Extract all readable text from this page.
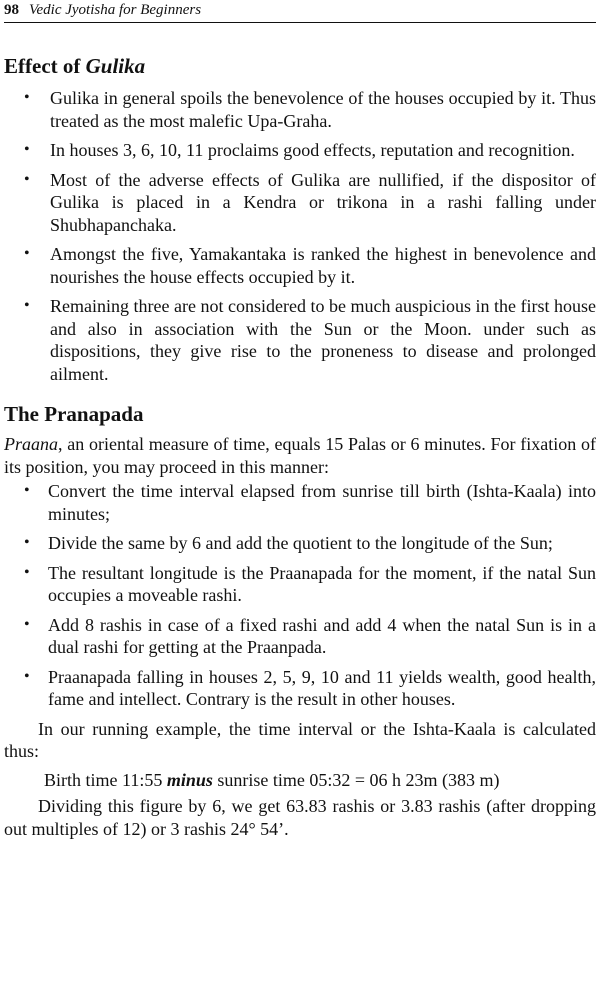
98 Vedic Jyotisha for Beginners
Effect of Gulika
• Gulika in general spoils the benevolence of the houses occupied by it. Thus treated as the most malefic Upa-Graha.
• In houses 3, 6, 10, 11 proclaims good effects, reputation and recognition.
• Most of the adverse effects of Gulika are nullified, if the dispositor of Gulika is placed in a Kendra or trikona in a rashi falling under Shubhapanchaka.
• Amongst the five, Yamakantaka is ranked the highest in benevolence and nourishes the house effects occupied by it.
• Remaining three are not considered to be much auspicious in the first house and also in association with the Sun or the Moon. under such as dispositions, they give rise to the proneness to disease and prolonged ailment.
The Pranapada

Praana, an oriental measure of time, equals 15 Palas or 6 minutes. For fixation of its position, you may proceed in this manner:

• Convert the time interval elapsed from sunrise till birth (Ishta-Kaala) into minutes;
• Divide the same by 6 and add the quotient to the longitude of the Sun;
• The resultant longitude is the Praanapada for the moment, if the natal Sun occupies a moveable rashi.
• Add 8 rashis in case of a fixed rashi and add 4 when the natal Sun is in a dual rashi for getting at the Praanpada.
• Praanapada falling in houses 2, 5, 9, 10 and 11 yields wealth, good health, fame and intellect. Contrary is the result in other houses.

In our running example, the time interval or the Ishta-Kaala is calculated thus:

Birth time 11:55 minus sunrise time 05:32 = 06 h 23m (383 m)

Dividing this figure by 6, we get 63.83 rashis or 3.83 rashis (after dropping out multiples of 12) or 3 rashis 24° 54’.
